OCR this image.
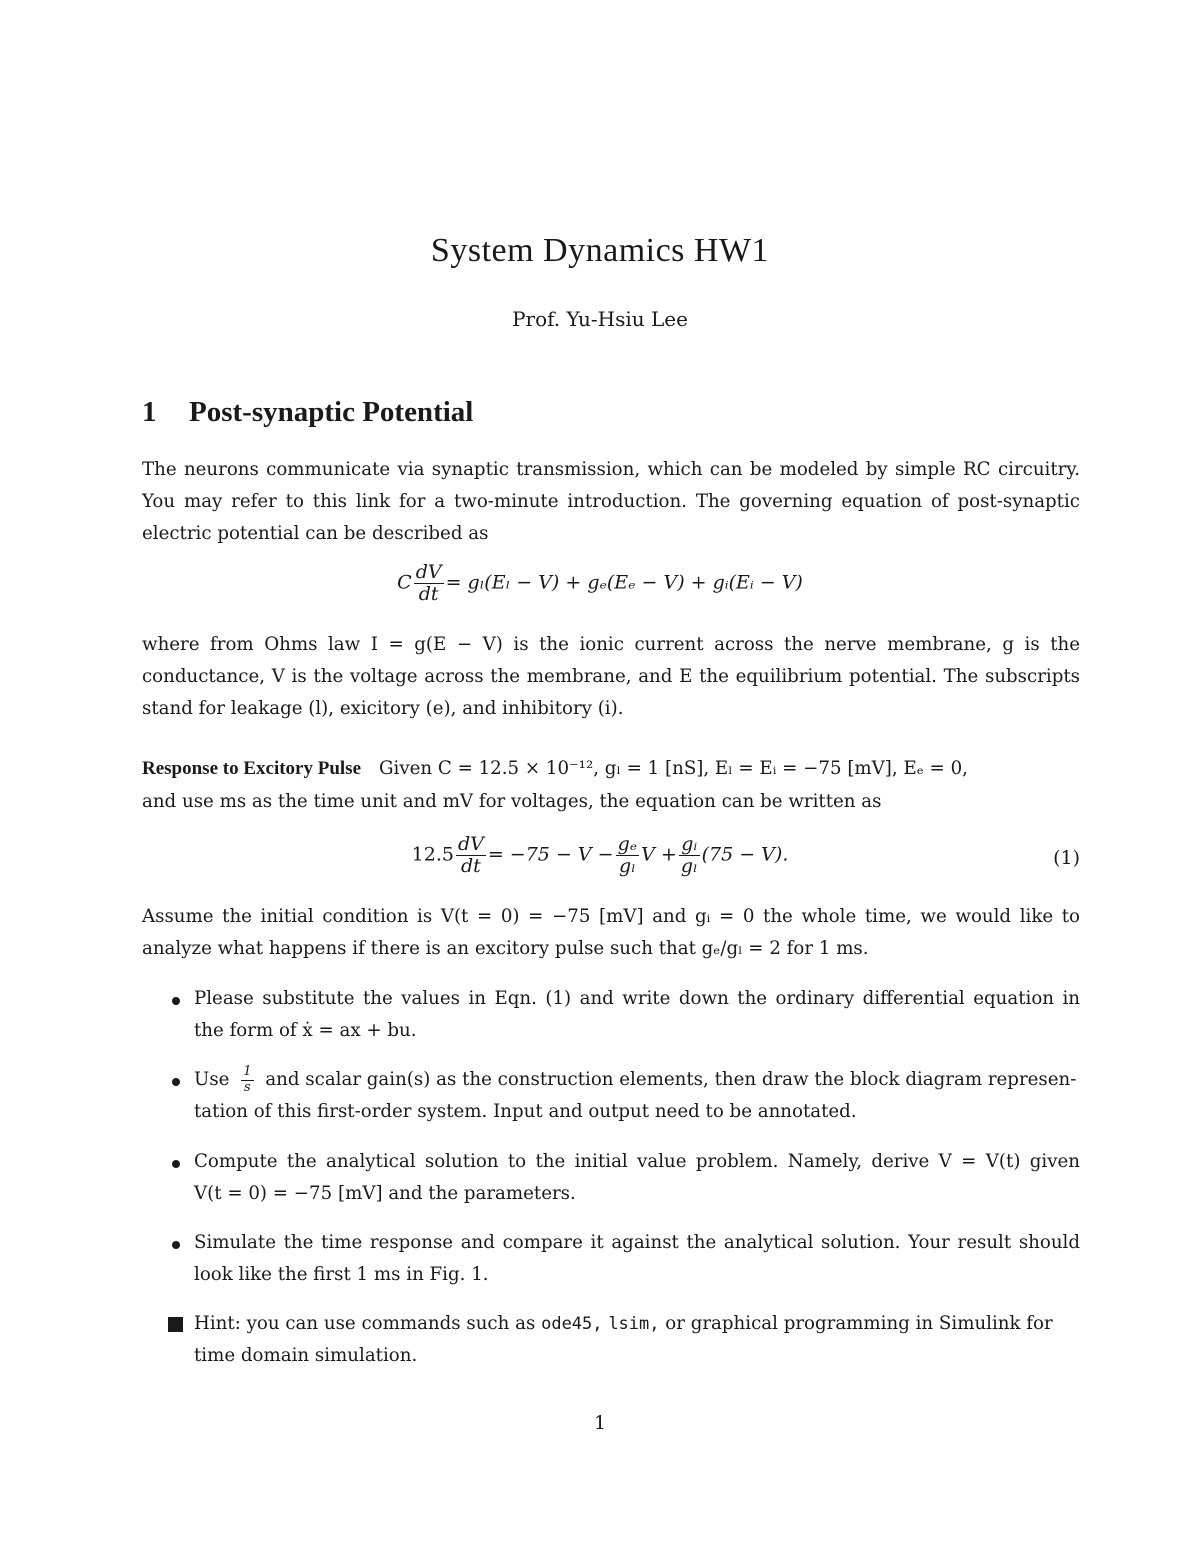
System Dynamics HW1
Prof. Yu-Hsiu Lee
1 Post-synaptic Potential
The neurons communicate via synaptic transmission, which can be modeled by simple RC circuitry.
You may refer to this link for a two-minute introduction. The governing equation of post-synaptic
electric potential can be described as
C $\frac{dV}{dt} = g_l(E_l - V) + g_e(E_e - V)$ + gᵢ(Eᵢ − V)
where from Ohms law I = g(E − V) is the ionic current across the nerve membrane, g is the
conductance, V is the voltage across the membrane, and E the equilibrium potential. The subscripts
stand for leakage (l), exicitory (e), and inhibitory (i).
Response to Excitory Pulse Given C = 12.5 × 10⁻¹², gₗ = 1 [nS], Eₗ = Eᵢ = −75 [mV], Eₑ = 0,
and use ms as the time unit and mV for voltages, the equation can be written as
$12.5 \frac{dV}{dt} = -75 - V - \frac{\text{gₑ}}{\text{gₗ}}$ $V + \frac{\text{gᵢ}}{\text{gₗ}} (75 - V)$.	(1)
Assume the initial condition is V(t = 0) = −75 [mV] and gᵢ = 0 the whole time, we would like to
analyze what happens if there is an excitory pulse such that gₑ/gₗ = 2 for 1 ms.
Please substitute the values in Eqn. (1) and write down the ordinary differential equation in
the form of ẋ = ax + bu.
Use $\frac{1}{s}$ and scalar gain(s) as the construction elements, then draw the block diagram represen-
tation of this first-order system. Input and output need to be annotated.
Compute the analytical solution to the initial value problem. Namely, derive V = V(t) given
V(t = 0) = −75 [mV] and the parameters.
Simulate the time response and compare it against the analytical solution. Your result should
look like the first 1 ms in Fig. 1.
Hint: you can use commands such as ode45, lsim, or graphical programming in Simulink for
time domain simulation.
1
